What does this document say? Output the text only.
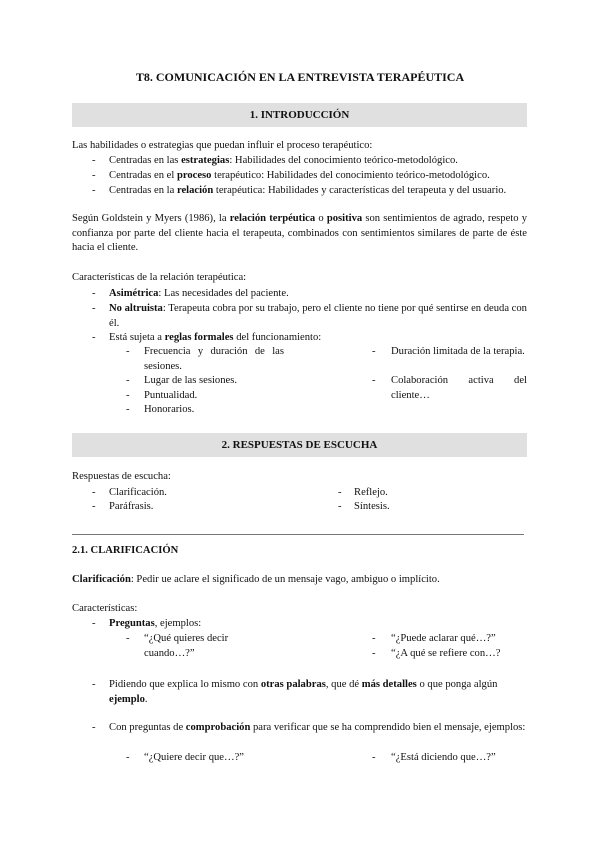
T8. COMUNICACIÓN EN LA ENTREVISTA TERAPÉUTICA
1. INTRODUCCIÓN
Las habilidades o estrategias que puedan influir el proceso terapéutico:
- Centradas en las estrategias: Habilidades del conocimiento teórico-metodológico.
- Centradas en el proceso terapéutico: Habilidades del conocimiento teórico-metodológico.
- Centradas en la relación terapéutica: Habilidades y características del terapeuta y del usuario.
Según Goldstein y Myers (1986), la relación terpéutica o positiva son sentimientos de agrado, respeto y confianza por parte del cliente hacia el terapeuta, combinados con sentimientos similares de parte de éste hacia el cliente.
Características de la relación terapéutica:
- Asimétrica: Las necesidades del paciente.
- No altruista: Terapeuta cobra por su trabajo, pero el cliente no tiene por qué sentirse en deuda con él.
- Está sujeta a reglas formales del funcionamiento:
- Frecuencia y duración de las sesiones.
- Lugar de las sesiones.
- Puntualidad.
- Honorarios.
- Duración limitada de la terapia.
- Colaboración activa del cliente…
2. RESPUESTAS DE ESCUCHA
Respuestas de escucha:
- Clarificación.
- Paráfrasis.
- Reflejo.
- Síntesis.
2.1. CLARIFICACIÓN
Clarificación: Pedir ue aclare el significado de un mensaje vago, ambiguo o implícito.
Características:
- Preguntas, ejemplos:
- “¿Qué quieres decir cuando…?”
- “¿Puede aclarar qué…?”
- “¿A qué se refiere con…?
- Pidiendo que explica lo mismo con otras palabras, que dé más detalles o que ponga algún ejemplo.
- Con preguntas de comprobación para verificar que se ha comprendido bien el mensaje, ejemplos:
- “¿Quiere decir que…?”	- “¿Está diciendo que…?”
